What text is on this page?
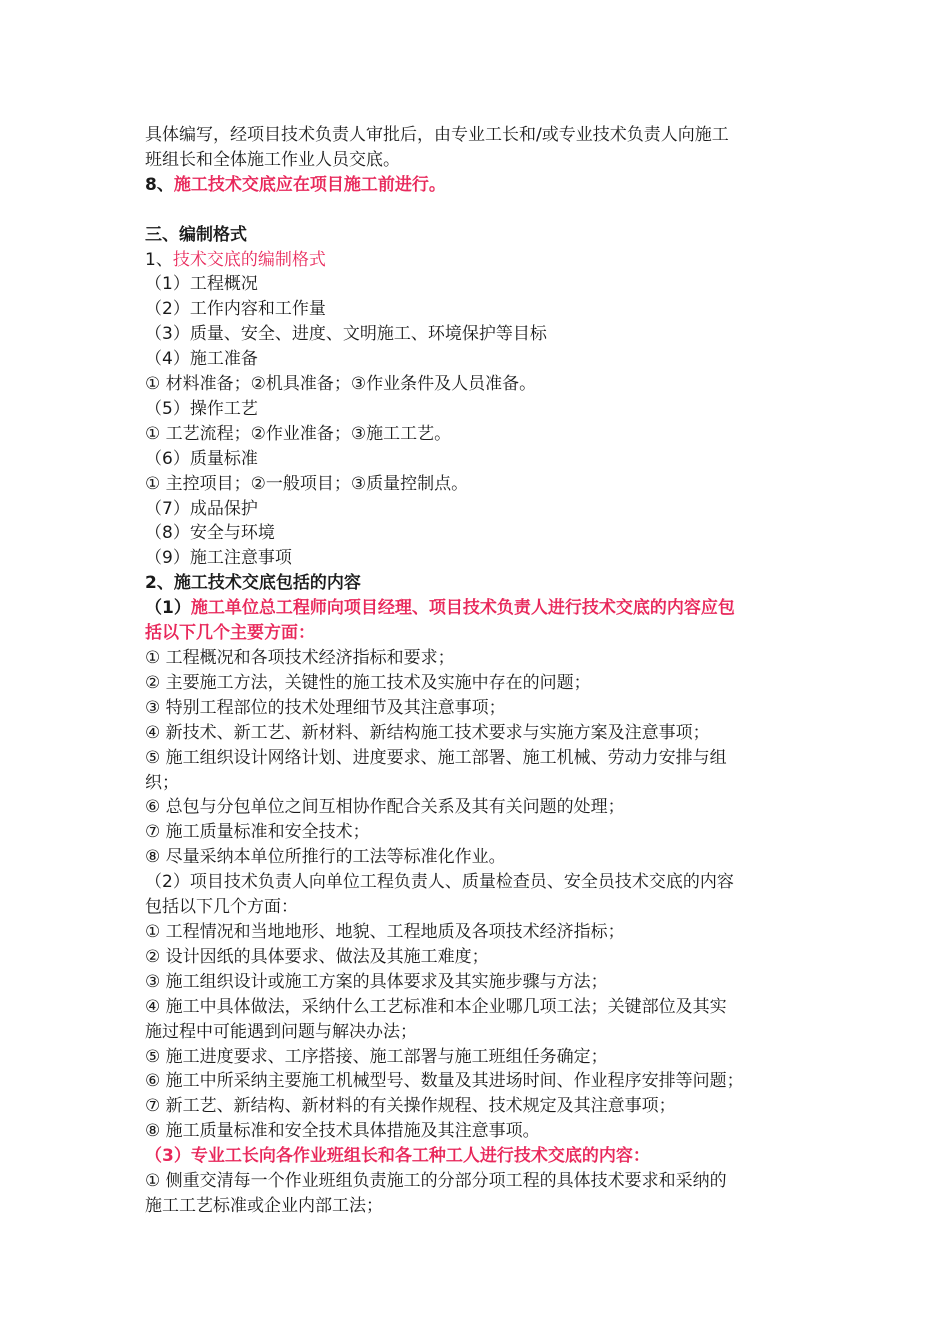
具体编写，经项目技术负责人审批后，由专业工长和/或专业技术负责人向施工
班组长和全体施工作业人员交底。
8、施工技术交底应在项目施工前进行。
三、编制格式
1、技术交底的编制格式
（1）工程概况
（2）工作内容和工作量
（3）质量、安全、进度、文明施工、环境保护等目标
（4）施工准备
① 材料准备；②机具准备；③作业条件及人员准备。
（5）操作工艺
① 工艺流程；②作业准备；③施工工艺。
（6）质量标准
① 主控项目；②一般项目；③质量控制点。
（7）成品保护
（8）安全与环境
（9）施工注意事项
2、施工技术交底包括的内容
（1）施工单位总工程师向项目经理、项目技术负责人进行技术交底的内容应包
括以下几个主要方面：
① 工程概况和各项技术经济指标和要求；
② 主要施工方法，关键性的施工技术及实施中存在的问题；
③ 特别工程部位的技术处理细节及其注意事项；
④ 新技术、新工艺、新材料、新结构施工技术要求与实施方案及注意事项；
⑤ 施工组织设计网络计划、进度要求、施工部署、施工机械、劳动力安排与组
织；
⑥ 总包与分包单位之间互相协作配合关系及其有关问题的处理；
⑦ 施工质量标准和安全技术；
⑧ 尽量采纳本单位所推行的工法等标准化作业。
（2）项目技术负责人向单位工程负责人、质量检查员、安全员技术交底的内容
包括以下几个方面：
① 工程情况和当地地形、地貌、工程地质及各项技术经济指标；
② 设计因纸的具体要求、做法及其施工难度；
③ 施工组织设计或施工方案的具体要求及其实施步骤与方法；
④ 施工中具体做法，采纳什么工艺标准和本企业哪几项工法；关键部位及其实
施过程中可能遇到问题与解决办法；
⑤ 施工进度要求、工序搭接、施工部署与施工班组任务确定；
⑥ 施工中所采纳主要施工机械型号、数量及其进场时间、作业程序安排等问题；
⑦ 新工艺、新结构、新材料的有关操作规程、技术规定及其注意事项；
⑧ 施工质量标准和安全技术具体措施及其注意事项。
（3）专业工长向各作业班组长和各工种工人进行技术交底的内容：
① 侧重交清每一个作业班组负责施工的分部分项工程的具体技术要求和采纳的
施工工艺标准或企业内部工法；
